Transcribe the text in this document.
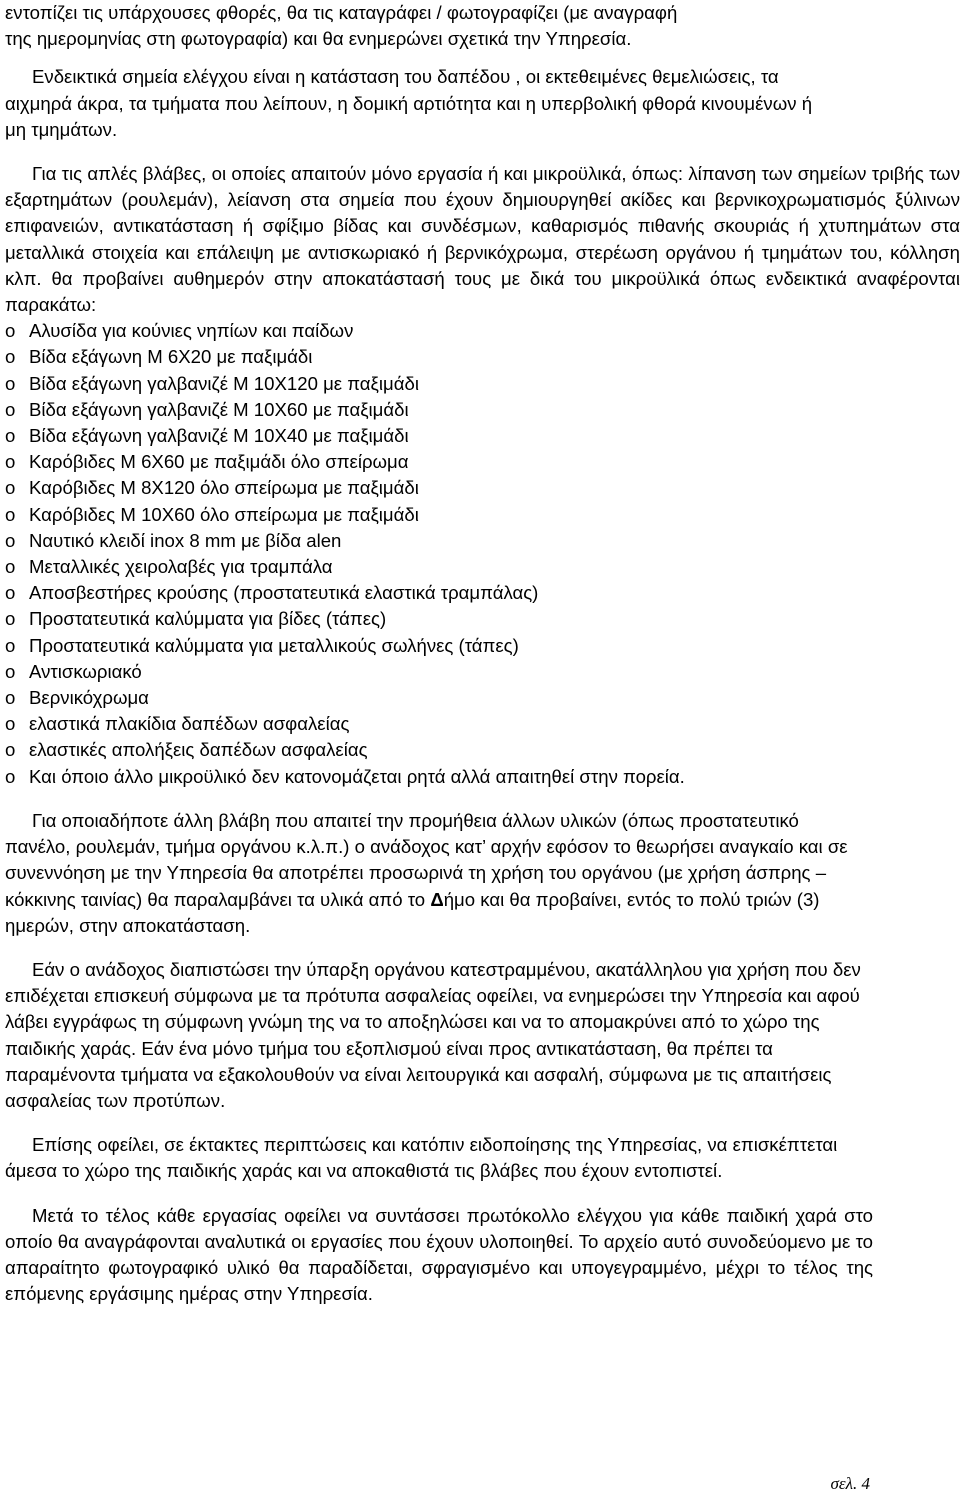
εντοπίζει τις υπάρχουσες φθορές, θα τις καταγράφει / φωτογραφίζει (με αναγραφή

της ημερομηνίας στη φωτογραφία) και θα ενημερώνει σχετικά την Υπηρεσία.

Ενδεικτικά σημεία ελέγχου είναι η κατάσταση του δαπέδου , οι εκτεθειμένες θεμελιώσεις, τα αιχμηρά άκρα, τα τμήματα που λείπουν, η δομική αρτιότητα και η υπερβολική φθορά κινουμένων ή μη τμημάτων.

Για τις απλές βλάβες, οι οποίες απαιτούν μόνο εργασία ή και μικροϋλικά, όπως: λίπανση των σημείων τριβής των εξαρτημάτων (ρουλεμάν), λείανση στα σημεία που έχουν δημιουργηθεί ακίδες και βερνικοχρωματισμός ξύλινων επιφανειών, αντικατάσταση ή σφίξιμο βίδας και συνδέσμων, καθαρισμός πιθανής σκουριάς ή χτυπημάτων στα μεταλλικά στοιχεία και επάλειψη με αντισκωριακό ή βερνικόχρωμα, στερέωση οργάνου ή τμημάτων του, κόλληση κλπ. θα προβαίνει αυθημερόν στην αποκατάστασή τους με δικά του μικροϋλικά όπως ενδεικτικά αναφέρονται παρακάτω:

o Αλυσίδα για κούνιες νηπίων και παίδων
o Βίδα εξάγωνη Μ 6Χ20 με παξιμάδι
o Βίδα εξάγωνη γαλβανιζέ Μ 10Χ120 με παξιμάδι
o Βίδα εξάγωνη γαλβανιζέ Μ 10Χ60 με παξιμάδι
o Βίδα εξάγωνη γαλβανιζέ Μ 10Χ40 με παξιμάδι
o Καρόβιδες Μ 6Χ60 με παξιμάδι όλο σπείρωμα
o Καρόβιδες Μ 8Χ120 όλο σπείρωμα με παξιμάδι
o Καρόβιδες Μ 10Χ60 όλο σπείρωμα με παξιμάδι
o Ναυτικό κλειδί inox 8 mm με βίδα alen
o Μεταλλικές χειρολαβές για τραμπάλα
o Αποσβεστήρες κρούσης (προστατευτικά ελαστικά τραμπάλας)
o Προστατευτικά καλύμματα για βίδες (τάπες)
o Προστατευτικά καλύμματα για μεταλλικούς σωλήνες (τάπες)
o Αντισκωριακό
o Βερνικόχρωμα
o ελαστικά πλακίδια δαπέδων ασφαλείας
o ελαστικές απολήξεις δαπέδων ασφαλείας
o Και όποιο άλλο μικροϋλικό δεν κατονομάζεται ρητά αλλά απαιτηθεί στην πορεία.

Για οποιαδήποτε άλλη βλάβη που απαιτεί την προμήθεια άλλων υλικών (όπως προστατευτικό πανέλο, ρουλεμάν, τμήμα οργάνου κ.λ.π.) ο ανάδοχος κατ’ αρχήν εφόσον το θεωρήσει αναγκαίο και σε συνεννόηση με την Υπηρεσία θα αποτρέπει προσωρινά τη χρήση του οργάνου (με χρήση άσπρης – κόκκινης ταινίας) θα παραλαμβάνει τα υλικά από το Δήμο και θα προβαίνει, εντός το πολύ τριών (3) ημερών, στην αποκατάσταση.

Εάν ο ανάδοχος διαπιστώσει την ύπαρξη οργάνου κατεστραμμένου, ακατάλληλου για χρήση που δεν επιδέχεται επισκευή σύμφωνα με τα πρότυπα ασφαλείας οφείλει, να ενημερώσει την Υπηρεσία και αφού λάβει εγγράφως τη σύμφωνη γνώμη της να το αποξηλώσει και να το απομακρύνει από το χώρο της παιδικής χαράς. Εάν ένα μόνο τμήμα του εξοπλισμού είναι προς αντικατάσταση, θα πρέπει τα παραμένοντα τμήματα να εξακολουθούν να είναι λειτουργικά και ασφαλή, σύμφωνα με τις απαιτήσεις ασφαλείας των προτύπων.

Επίσης οφείλει, σε έκτακτες περιπτώσεις και κατόπιν ειδοποίησης της Υπηρεσίας, να επισκέπτεται άμεσα το χώρο της παιδικής χαράς και να αποκαθιστά τις βλάβες που έχουν εντοπιστεί.

Μετά το τέλος κάθε εργασίας οφείλει να συντάσσει πρωτόκολλο ελέγχου για κάθε παιδική χαρά στο οποίο θα αναγράφονται αναλυτικά οι εργασίες που έχουν υλοποιηθεί. Το αρχείο αυτό συνοδεύομενο με το απαραίτητο φωτογραφικό υλικό θα παραδίδεται, σφραγισμένο και υπογεγραμμένο, μέχρι το τέλος της επόμενης εργάσιμης ημέρας στην Υπηρεσία.

σελ. 4
